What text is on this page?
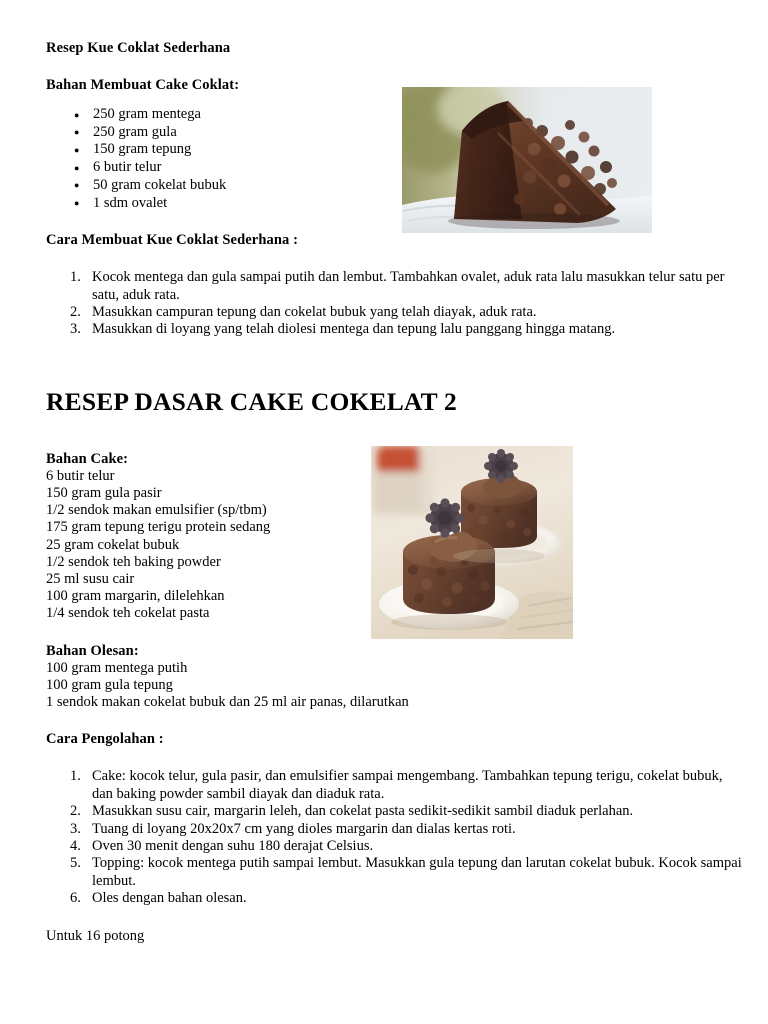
Resep Kue Coklat Sederhana
Bahan Membuat Cake Coklat:
● 250 gram mentega
● 250 gram gula
● 150 gram tepung
● 6 butir telur
● 50 gram cokelat bubuk
● 1 sdm ovalet
Cara Membuat Kue Coklat Sederhana :
Kocok mentega dan gula sampai putih dan lembut. Tambahkan ovalet, aduk rata lalu masukkan telur satu per satu, aduk rata.
Masukkan campuran tepung dan cokelat bubuk yang telah diayak, aduk rata.
Masukkan di loyang yang telah diolesi mentega dan tepung lalu panggang hingga matang.
RESEP DASAR CAKE COKELAT 2
Bahan Cake:
6 butir telur
150 gram gula pasir
1/2 sendok makan emulsifier (sp/tbm)
175 gram tepung terigu protein sedang
25 gram cokelat bubuk
1/2 sendok teh baking powder
25 ml susu cair
100 gram margarin, dilelehkan
1/4 sendok teh cokelat pasta
Bahan Olesan:
100 gram mentega putih
100 gram gula tepung
1 sendok makan cokelat bubuk dan 25 ml air panas, dilarutkan
Cara Pengolahan :
Cake: kocok telur, gula pasir, dan emulsifier sampai mengembang. Tambahkan tepung terigu, cokelat bubuk, dan baking powder sambil diayak dan diaduk rata.
Masukkan susu cair, margarin leleh, dan cokelat pasta sedikit-sedikit sambil diaduk perlahan.
Tuang di loyang 20x20x7 cm yang dioles margarin dan dialas kertas roti.
Oven 30 menit dengan suhu 180 derajat Celsius.
Topping: kocok mentega putih sampai lembut. Masukkan gula tepung dan larutan cokelat bubuk. Kocok sampai lembut.
Oles dengan bahan olesan.
Untuk 16 potong
